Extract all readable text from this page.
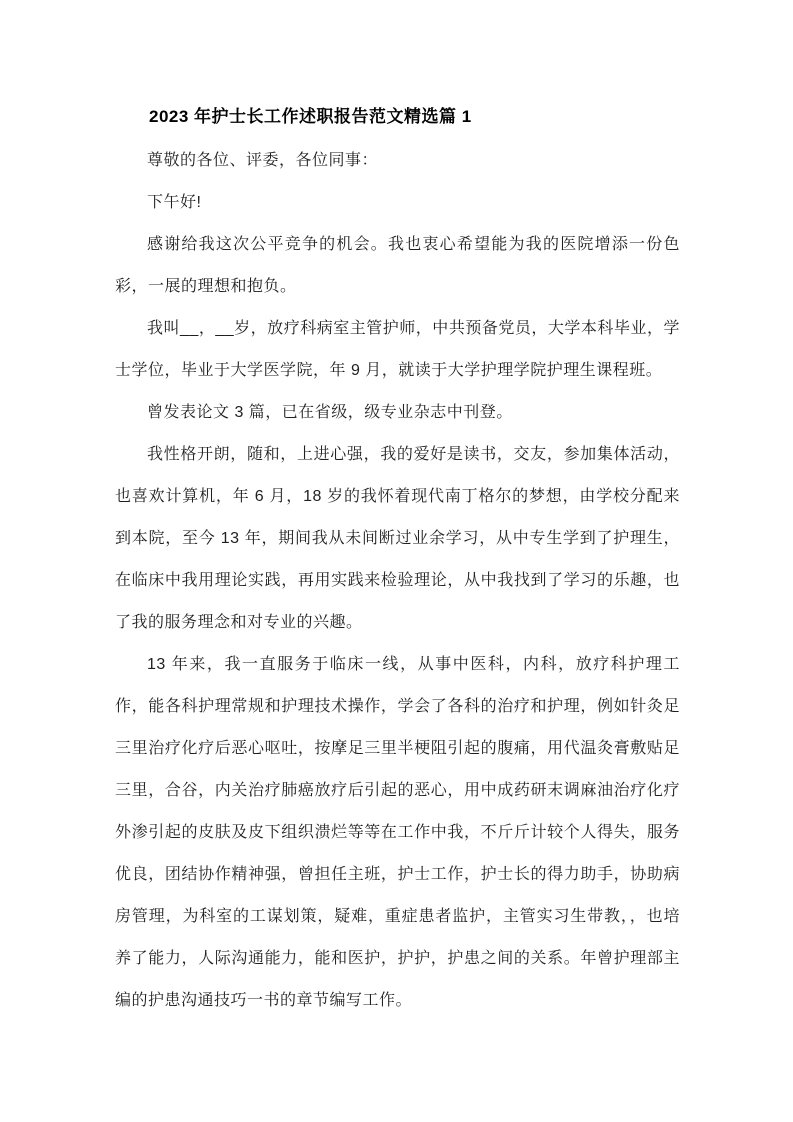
2023 年护士长工作述职报告范文精选篇 1

尊敬的各位、评委，各位同事：

下午好!

感谢给我这次公平竞争的机会。我也衷心希望能为我的医院增添一份色彩，一展的理想和抱负。

我叫__，__岁，放疗科病室主管护师，中共预备党员，大学本科毕业，学士学位，毕业于大学医学院，年 9 月，就读于大学护理学院护理生课程班。

曾发表论文 3 篇，已在省级，级专业杂志中刊登。

我性格开朗，随和，上进心强，我的爱好是读书，交友，参加集体活动，也喜欢计算机，年 6 月，18 岁的我怀着现代南丁格尔的梦想，由学校分配来到本院，至今 13 年，期间我从未间断过业余学习，从中专生学到了护理生，在临床中我用理论实践，再用实践来检验理论，从中我找到了学习的乐趣，也了我的服务理念和对专业的兴趣。

13 年来，我一直服务于临床一线，从事中医科，内科，放疗科护理工作，能各科护理常规和护理技术操作，学会了各科的治疗和护理，例如针灸足三里治疗化疗后恶心呕吐，按摩足三里半梗阻引起的腹痛，用代温灸膏敷贴足三里，合谷，内关治疗肺癌放疗后引起的恶心，用中成药研末调麻油治疗化疗外渗引起的皮肤及皮下组织溃烂等等在工作中我，不斤斤计较个人得失，服务优良，团结协作精神强，曾担任主班，护士工作，护士长的得力助手，协助病房管理，为科室的工谋划策，疑难，重症患者监护，主管实习生带教，，也培养了能力，人际沟通能力，能和医护，护护，护患之间的关系。年曾护理部主编的护患沟通技巧一书的章节编写工作。
